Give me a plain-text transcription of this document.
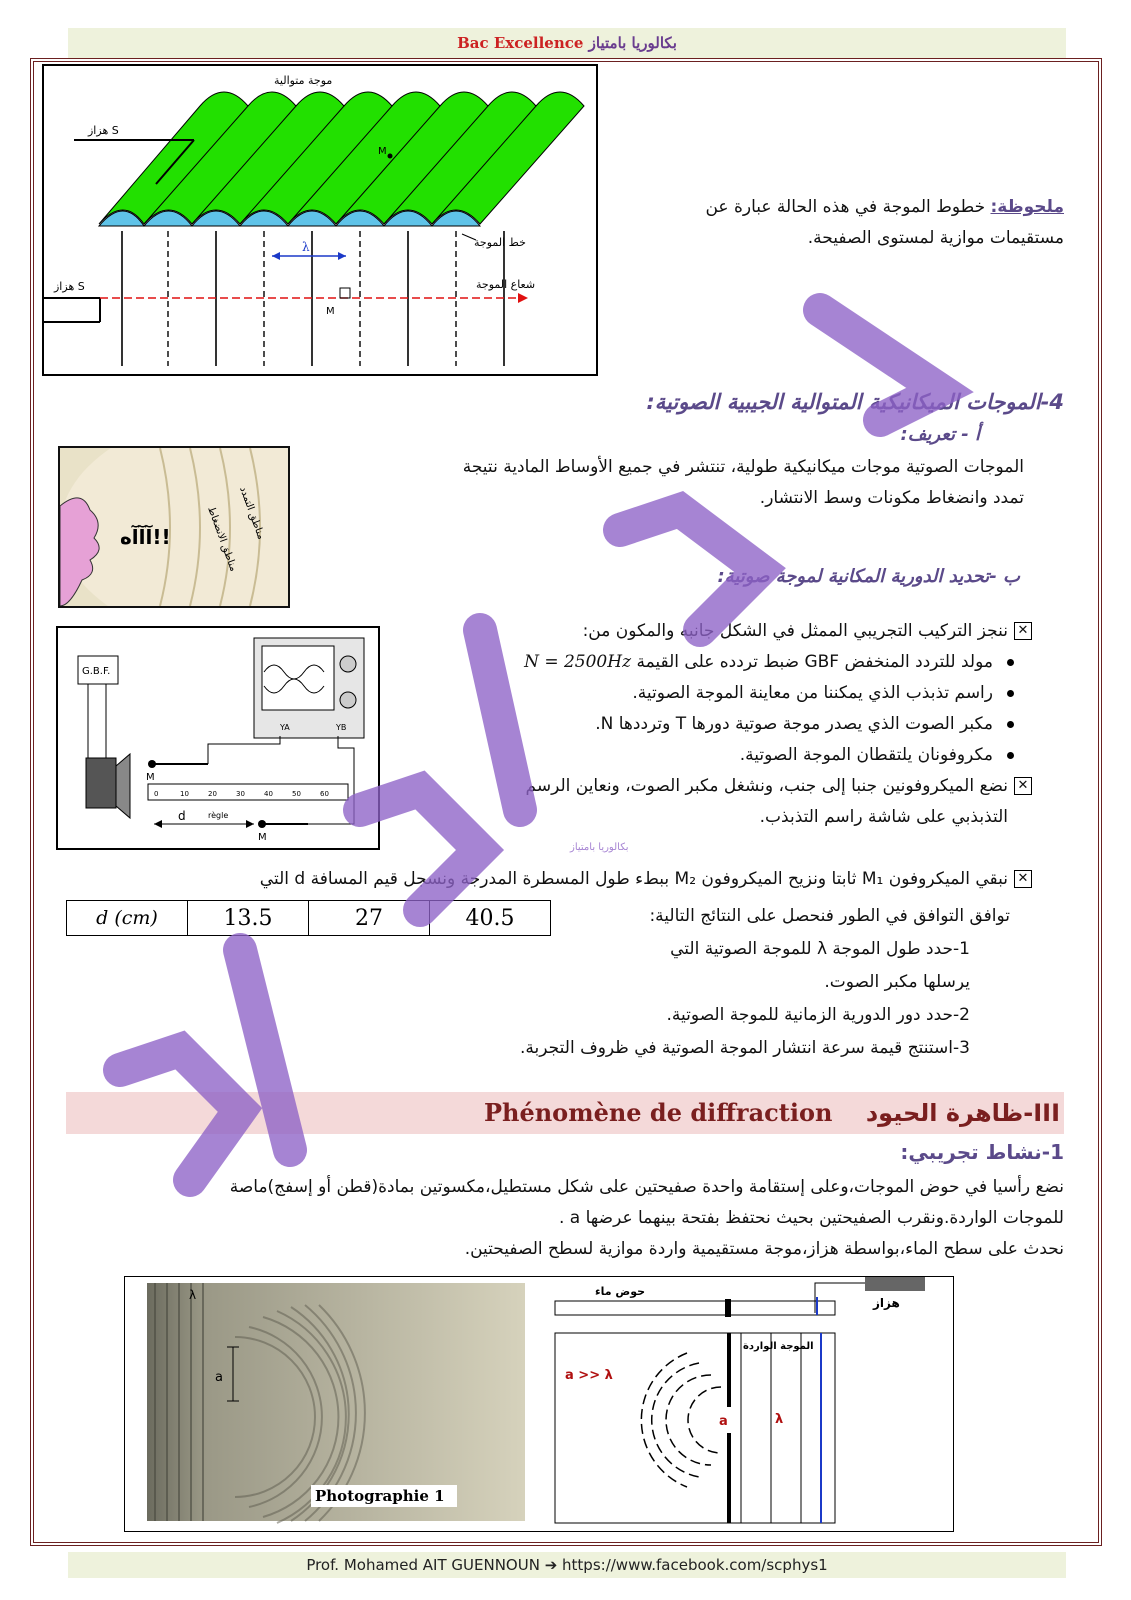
Bac Excellence بكالوريا بامتياز
هزاز S
موجة متوالية
M
λ
هزاز S
M
خط الموجة
شعاع الموجة
ملحوظة: خطوط الموجة في هذه الحالة عبارة عن
مستقيمات موازية لمستوى الصفيحة.
4-الموجات الميكانيكية المتوالية الجيبية الصوتية:
أ - تعريف:
آآآه!!	مناطق الانضغاط
مناطق التمدد
الموجات الصوتية موجات ميكانيكية طولية، تنتشر في جميع الأوساط المادية نتيجة
تمدد وانضغاط مكونات وسط الانتشار.
ب -تحديد الدورية المكانية لموجة صوتية:
G.B.F.
YA	YB
M
0	10	20	30	40	50	60
d	règle
M
✕ننجز التركيب التجريبي الممثل في الشكل جانبه والمكون من:
مولد للتردد المنخفض GBF ضبط تردده على القيمة N = 2500Hz
راسم تذبذب الذي يمكننا من معاينة الموجة الصوتية.
مكبر الصوت الذي يصدر موجة صوتية دورها T وترددها N.
مكروفونان يلتقطان الموجة الصوتية.
✕نضع الميكروفونين جنبا إلى جنب، ونشغل مكبر الصوت، ونعاين الرسم
التذبذبي على شاشة راسم التذبذب.
✕نبقي الميكروفون M₁ ثابتا ونزيح الميكروفون M₂ ببطء طول المسطرة المدرجة ونسجل قيم المسافة d التي
d (cm)	13.5	27	40.5	توافق التوافق في الطور فنحصل على النتائج التالية:
1-حدد طول الموجة λ للموجة الصوتية التي
يرسلها مكبر الصوت.
2-حدد دور الدورية الزمانية للموجة الصوتية.
3-استنتج قيمة سرعة انتشار الموجة الصوتية في ظروف التجربة.
III-ظاهرة الحيود    Phénomène de diffraction
1-نشاط تجريبي:
نضع رأسيا في حوض الموجات،وعلى إستقامة واحدة صفيحتين على شكل مستطيل،مكسوتين بمادة(قطن أو إسفج)ماصة
للموجات الواردة.ونقرب الصفيحتين بحيث نحتفظ بفتحة بينهما عرضها a .
نحدث على سطح الماء،بواسطة هزاز،موجة مستقيمية واردة موازية لسطح الصفيحتين.
a
λ
Photographie 1
حوض ماء
هزاز
a	λ
a >> λ
الموجة الواردة
بكالوريا بامتياز
Prof. Mohamed AIT GUENNOUN ➔ https://www.facebook.com/scphys1
